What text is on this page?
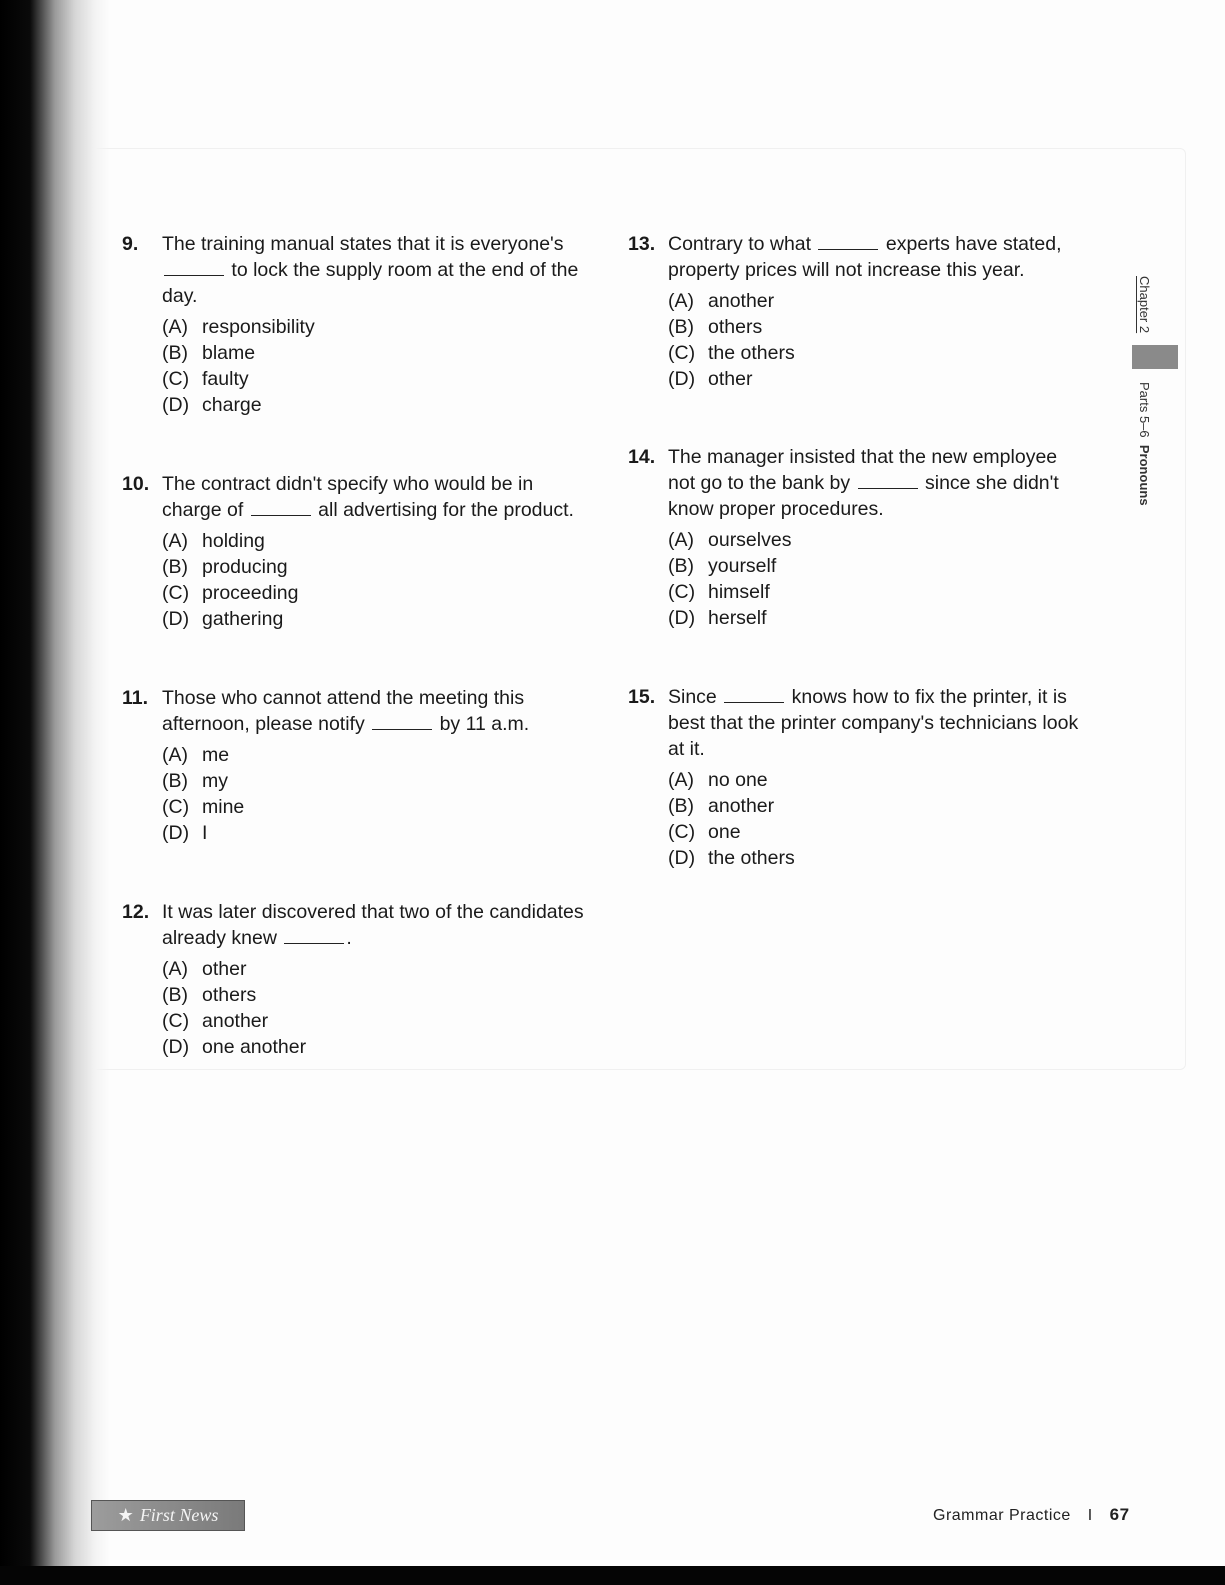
9.	The training manual states that it is everyone's  to lock the supply room at the end of the day.
(A) responsibility
(B) blame
(C) faulty
(D) charge
10. The contract didn't specify who would be in charge of	all advertising for the product.
(A) holding
(B) producing
(C) proceeding
(D) gathering
11. Those who cannot attend the meeting this afternoon, please notify	by 11 a.m.
(A) me
(B) my
(C) mine
(D) I
12. It was later discovered that two of the candidates already knew	.
(A) other
(B) others
(C) another
(D) one another
13. Contrary to what	experts have stated, property prices will not increase this year.
(A) another
(B) others
(C) the others
(D) other
14. The manager insisted that the new employee not go to the bank by	since she didn't know proper procedures.
(A) ourselves
(B) yourself
(C) himself
(D) herself
15. Since	knows how to fix the printer, it is best that the printer company's technicians look at it.
(A) no one
(B) another
(C) one
(D) the others
Chapter 2
Parts 5–6  Pronouns
★ First News	Grammar Practice I 67
